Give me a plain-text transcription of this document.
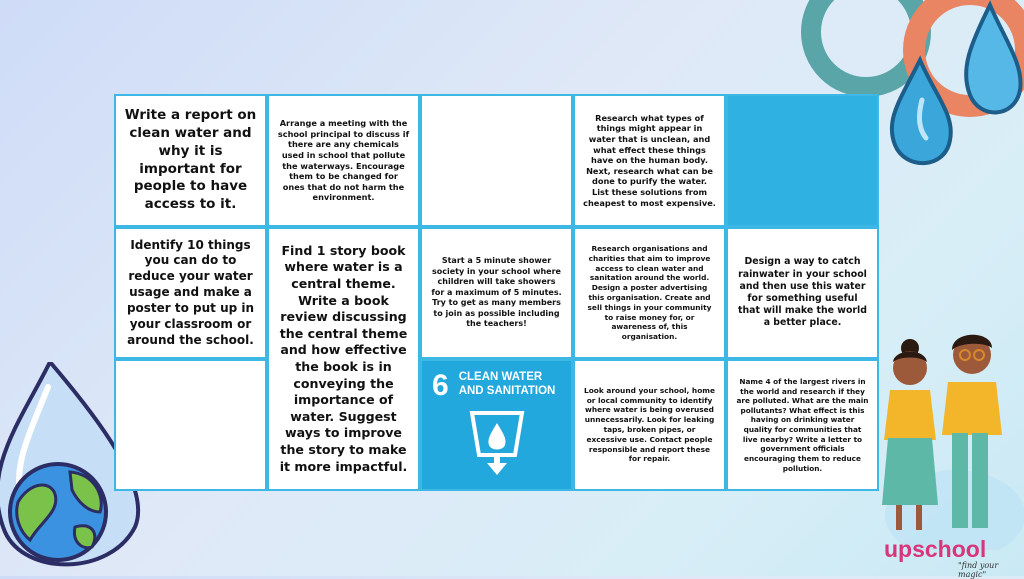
Write a report on clean water and why it is important for people to have access to it.
Arrange a meeting with the school principal to discuss if there are any chemicals used in school that pollute the waterways. Encourage them to be changed for ones that do not harm the environment.
Research what types of things might appear in water that is unclean, and what effect these things have on the human body. Next, research what can be done to purify the water. List these solutions from cheapest to most expensive.
Identify 10 things you can do to reduce your water usage and make a poster to put up in your classroom or around the school.
Find 1 story book where water is a central theme. Write a book review discussing the central theme and how effective the book is in conveying the importance of water. Suggest ways to improve the story to make it more impactful.
Start a 5 minute shower society in your school where children will take showers for a maximum of 5 minutes. Try to get as many members to join as possible including the teachers!
Research organisations and charities that aim to improve access to clean water and sanitation around the world. Design a poster advertising this organisation. Create and sell things in your community to raise money for, or awareness of, this organisation.
Design a way to catch rainwater in your school and then use this water for something useful that will make the world a better place.
6 CLEAN WATER
AND SANITATION	Look around your school, home or local community to identify where water is being overused unnecessarily. Look for leaking taps, broken pipes, or excessive use. Contact people responsible and report these for repair.
Name 4 of the largest rivers in the world and research if they are polluted. What are the main pollutants? What effect is this having on drinking water quality for communities that live nearby? Write a letter to government officials encouraging them to reduce pollution.
upschool
"find your magic"
